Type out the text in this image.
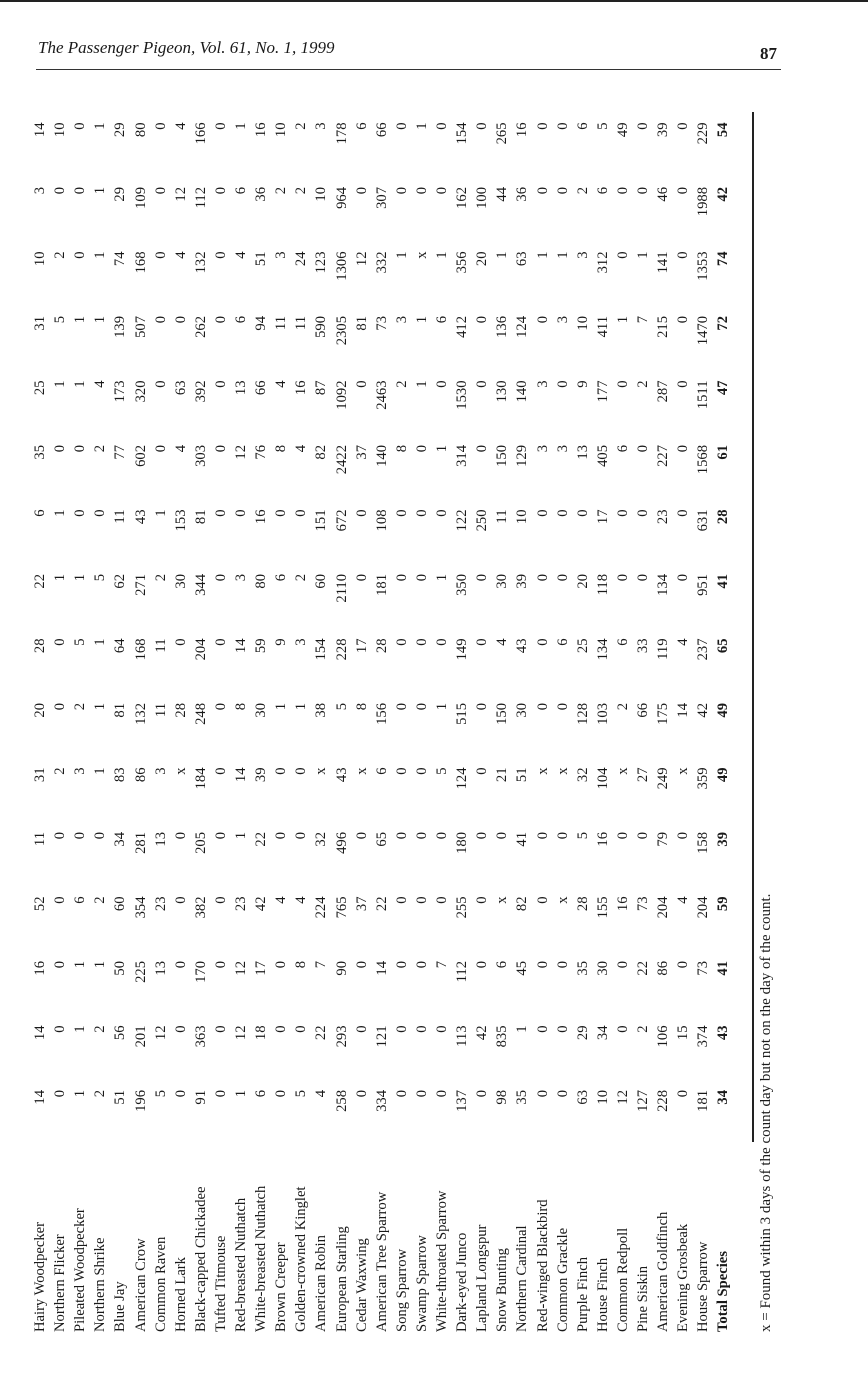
The Passenger Pigeon, Vol. 61, No. 1, 1999	87
Hairy Woodpecker
14
14
16
52
11
31
20
28
22
6
35
25
31
10
3
14
Northern Flicker
0
0
0
0
0
2
0
0
1
1
0
1
5
2
0
10
Pileated Woodpecker
1
1
1
6
0
3
2
5
1
0
0
1
1
0
0
0
Northern Shrike
2
2
1
2
0
1
1
1
5
0
2
4
1
1
1
1
Blue Jay
51
56
50
60
34
83
81
64
62
11
77
173
139
74
29
29
American Crow
196
201
225
354
281
86
132
168
271
43
602
320
507
168
109
80
Common Raven
5
12
13
23
13
3
11
11
2
1
0
0
0
0
0
0
Horned Lark
0
0
0
0
0
x
28
0
30
153
4
63
0
4
12
4
Black-capped Chickadee
91
363
170
382
205
184
248
204
344
81
303
392
262
132
112
166
Tufted Titmouse
0
0
0
0
0
0
0
0
0
0
0
0
0
0
0
0
Red-breasted Nuthatch
1
12
12
23
1
14
8
14
3
0
12
13
6
4
6
1
White-breasted Nuthatch
6
18
17
42
22
39
30
59
80
16
76
66
94
51
36
16
Brown Creeper
0
0
0
4
0
0
1
9
6
0
8
4
11
3
2
10
Golden-crowned Kinglet
5
0
8
4
0
0
1
3
2
0
4
16
11
24
2
2
American Robin
4
22
7
224
32
x
38
154
60
151
82
87
590
123
10
3
European Starling
258
293
90
765
496
43
5
228
2110
672
2422
1092
2305
1306
964
178
Cedar Waxwing
0
0
0
37
0
x
8
17
0
0
37
0
81
12
0
6
American Tree Sparrow
334
121
14
22
65
6
156
28
181
108
140
2463
73
332
307
66
Song Sparrow
0
0
0
0
0
0
0
0
0
0
8
2
3
1
0
0
Swamp Sparrow
0
0
0
0
0
0
0
0
0
0
0
1
1
x
0
1
White-throated Sparrow
0
0
7
0
0
5
1
0
1
0
1
0
6
1
0
0
Dark-eyed Junco
137
113
112
255
180
124
515
149
350
122
314
1530
412
356
162
154
Lapland Longspur
0
42
0
0
0
0
0
0
0
250
0
0
0
20
100
0
Snow Bunting
98
835
6
x
0
21
150
4
30
11
150
130
136
1
44
265
Northern Cardinal
35
1
45
82
41
51
30
43
39
10
129
140
124
63
36
16
Red-winged Blackbird
0
0
0
0
0
x
0
0
0
0
3
3
0
1
0
0
Common Grackle
0
0
0
x
0
x
0
6
0
0
3
0
3
1
0
0
Purple Finch
63
29
35
28
5
32
128
25
20
0
13
9
10
3
2
6
House Finch
10
34
30
155
16
104
103
134
118
17
405
177
411
312
6
5
Common Redpoll
12
0
0
16
0
x
2
6
0
0
6
0
1
0
0
49
Pine Siskin
127
2
22
73
0
27
66
33
0
0
0
2
7
1
0
0
American Goldfinch
228
106
86
204
79
249
175
119
134
23
227
287
215
141
46
39
Evening Grosbeak
0
15
0
4
0
x
14
4
0
0
0
0
0
0
0
0
House Sparrow
181
374
73
204
158
359
42
237
951
631
1568
1511
1470
1353
1988
229
Total Species
34
43
41
59
39
49
49
65
41
28
61
47
72
74
42
54
x = Found within 3 days of the count day but not on the day of the count.
